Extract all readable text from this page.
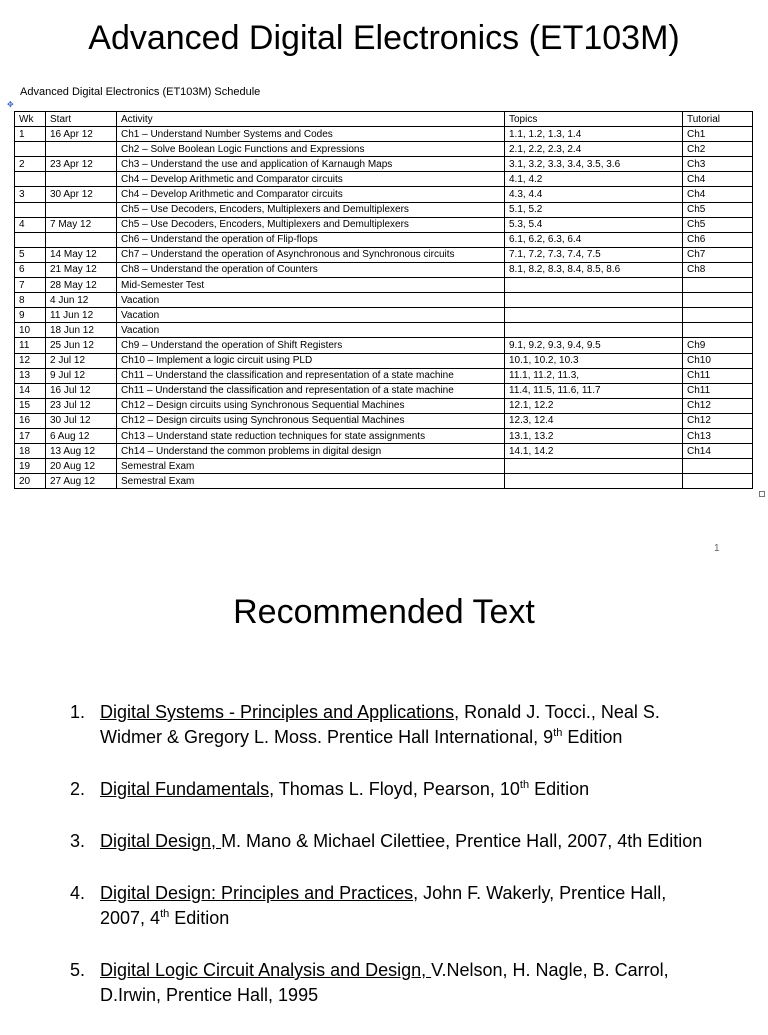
Advanced Digital Electronics (ET103M)
Advanced Digital Electronics (ET103M) Schedule
✥
Wk	Start	Activity	Topics	Tutorial
1	16 Apr 12	Ch1 – Understand Number Systems and Codes	1.1, 1.2, 1.3, 1.4	Ch1
		Ch2 – Solve Boolean Logic Functions and Expressions	2.1, 2.2, 2.3, 2.4	Ch2
2	23 Apr 12	Ch3 – Understand the use and application of Karnaugh Maps	3.1, 3.2, 3.3, 3.4, 3.5, 3.6	Ch3
		Ch4 – Develop Arithmetic and Comparator circuits	4.1, 4.2	Ch4
3	30 Apr 12	Ch4 – Develop Arithmetic and Comparator circuits	4.3, 4.4	Ch4
		Ch5 – Use Decoders, Encoders, Multiplexers and Demultiplexers	5.1, 5.2	Ch5
4	7 May 12	Ch5 – Use Decoders, Encoders, Multiplexers and Demultiplexers	5.3, 5.4	Ch5
		Ch6 – Understand the operation of Flip-flops	6.1, 6.2, 6.3, 6.4	Ch6
5	14 May 12	Ch7 – Understand the operation of Asynchronous and Synchronous circuits	7.1, 7.2, 7.3, 7.4, 7.5	Ch7
6	21 May 12	Ch8 – Understand the operation of Counters	8.1, 8.2, 8.3, 8.4, 8.5, 8.6	Ch8
7	28 May 12	Mid-Semester Test		
8	4 Jun 12	Vacation		
9	11 Jun 12	Vacation		
10	18 Jun 12	Vacation		
11	25 Jun 12	Ch9 – Understand the operation of Shift Registers	9.1, 9.2, 9.3, 9.4, 9.5	Ch9
12	2 Jul 12	Ch10 – Implement a logic circuit using PLD	10.1, 10.2, 10.3	Ch10
13	9 Jul 12	Ch11 – Understand the classification and representation of a state machine	11.1, 11.2, 11.3,	Ch11
14	16 Jul 12	Ch11 – Understand the classification and representation of a state machine	11.4, 11.5, 11.6, 11.7	Ch11
15	23 Jul 12	Ch12 – Design circuits using Synchronous Sequential Machines	12.1, 12.2	Ch12
16	30 Jul 12	Ch12 – Design circuits using Synchronous Sequential Machines	12.3, 12.4	Ch12
17	6 Aug 12	Ch13 – Understand state reduction techniques for state assignments	13.1, 13.2	Ch13
18	13 Aug 12	Ch14 – Understand the common problems in digital design	14.1, 14.2	Ch14
19	20 Aug 12	Semestral Exam		
20	27 Aug 12	Semestral Exam		
1
Recommended Text
1. Digital Systems - Principles and Applications, Ronald J. Tocci., Neal S. Widmer & Gregory L. Moss. Prentice Hall International, 9th Edition
2. Digital Fundamentals, Thomas L. Floyd, Pearson, 10th Edition
3. Digital Design, M. Mano & Michael Cilettiee, Prentice Hall, 2007, 4th Edition
4. Digital Design: Principles and Practices, John F. Wakerly, Prentice Hall, 2007, 4th Edition
5. Digital Logic Circuit Analysis and Design, V.Nelson, H. Nagle, B. Carrol, D.Irwin, Prentice Hall, 1995
